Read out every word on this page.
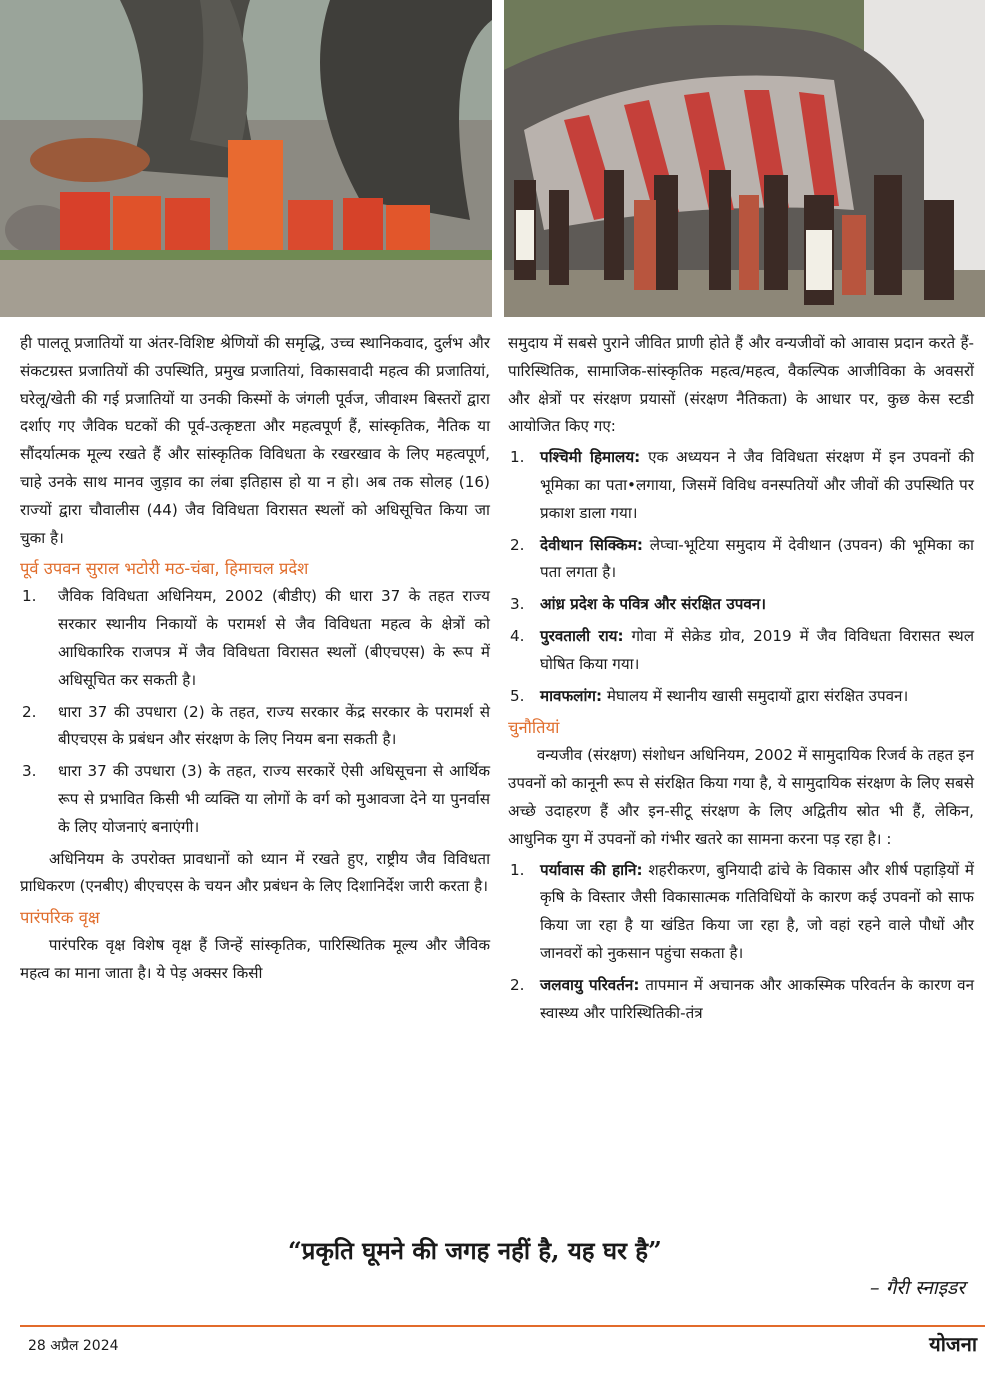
ही पालतू प्रजातियों या अंतर-विशिष्ट श्रेणियों की समृद्धि, उच्च स्थानिकवाद, दुर्लभ और संकटग्रस्त प्रजातियों की उपस्थिति, प्रमुख प्रजातियां, विकासवादी महत्व की प्रजातियां, घरेलू/खेती की गई प्रजातियों या उनकी किस्मों के जंगली पूर्वज, जीवाश्म बिस्तरों द्वारा दर्शाए गए जैविक घटकों की पूर्व-उत्कृष्टता और महत्वपूर्ण हैं, सांस्कृतिक, नैतिक या सौंदर्यात्मक मूल्य रखते हैं और सांस्कृतिक विविधता के रखरखाव के लिए महत्वपूर्ण, चाहे उनके साथ मानव जुड़ाव का लंबा इतिहास हो या न हो। अब तक सोलह (16) राज्यों द्वारा चौवालीस (44) जैव विविधता विरासत स्थलों को अधिसूचित किया जा चुका है।

पूर्व उपवन सुराल भटोरी मठ-चंबा, हिमाचल प्रदेश
1. जैविक विविधता अधिनियम, 2002 (बीडीए) की धारा 37 के तहत राज्य सरकार स्थानीय निकायों के परामर्श से जैव विविधता महत्व के क्षेत्रों को आधिकारिक राजपत्र में जैव विविधता विरासत स्थलों (बीएचएस) के रूप में अधिसूचित कर सकती है।
2. धारा 37 की उपधारा (2) के तहत, राज्य सरकार केंद्र सरकार के परामर्श से बीएचएस के प्रबंधन और संरक्षण के लिए नियम बना सकती है।
3. धारा 37 की उपधारा (3) के तहत, राज्य सरकारें ऐसी अधिसूचना से आर्थिक रूप से प्रभावित किसी भी व्यक्ति या लोगों के वर्ग को मुआवजा देने या पुनर्वास के लिए योजनाएं बनाएंगी।

अधिनियम के उपरोक्त प्रावधानों को ध्यान में रखते हुए, राष्ट्रीय जैव विविधता प्राधिकरण (एनबीए) बीएचएस के चयन और प्रबंधन के लिए दिशानिर्देश जारी करता है।

पारंपरिक वृक्ष

पारंपरिक वृक्ष विशेष वृक्ष हैं जिन्हें सांस्कृतिक, पारिस्थितिक मूल्य और जैविक महत्व का माना जाता है। ये पेड़ अक्सर किसी

समुदाय में सबसे पुराने जीवित प्राणी होते हैं और वन्यजीवों को आवास प्रदान करते हैं- पारिस्थितिक, सामाजिक-सांस्कृतिक महत्व/महत्व, वैकल्पिक आजीविका के अवसरों और क्षेत्रों पर संरक्षण प्रयासों (संरक्षण नैतिकता) के आधार पर, कुछ केस स्टडी आयोजित किए गए:

1. पश्चिमी हिमालय: एक अध्ययन ने जैव विविधता संरक्षण में इन उपवनों की भूमिका का पता•लगाया, जिसमें विविध वनस्पतियों और जीवों की उपस्थिति पर प्रकाश डाला गया।
2. देवीथान सिक्किम: लेप्चा-भूटिया समुदाय में देवीथान (उपवन) की भूमिका का पता लगता है।
3. आंध्र प्रदेश के पवित्र और संरक्षित उपवन।
4. पुरवताली राय: गोवा में सेक्रेड ग्रोव, 2019 में जैव विविधता विरासत स्थल घोषित किया गया।
5. मावफलांग: मेघालय में स्थानीय खासी समुदायों द्वारा संरक्षित उपवन।
चुनौतियां

वन्यजीव (संरक्षण) संशोधन अधिनियम, 2002 में सामुदायिक रिजर्व के तहत इन उपवनों को कानूनी रूप से संरक्षित किया गया है, ये सामुदायिक संरक्षण के लिए सबसे अच्छे उदाहरण हैं और इन-सीटू संरक्षण के लिए अद्वितीय स्रोत भी हैं, लेकिन, आधुनिक युग में उपवनों को गंभीर खतरे का सामना करना पड़ रहा है। :

1. पर्यावास की हानि: शहरीकरण, बुनियादी ढांचे के विकास और शीर्ष पहाड़ियों में कृषि के विस्तार जैसी विकासात्मक गतिविधियों के कारण कई उपवनों को साफ किया जा रहा है या खंडित किया जा रहा है, जो वहां रहने वाले पौधों और जानवरों को नुकसान पहुंचा सकता है।
2. जलवायु परिवर्तन: तापमान में अचानक और आकस्मिक परिवर्तन के कारण वन स्वास्थ्य और पारिस्थितिकी-तंत्र
“प्रकृति घूमने की जगह नहीं है, यह घर है”
– गैरी स्नाइडर
28 अप्रैल 2024	योजना
